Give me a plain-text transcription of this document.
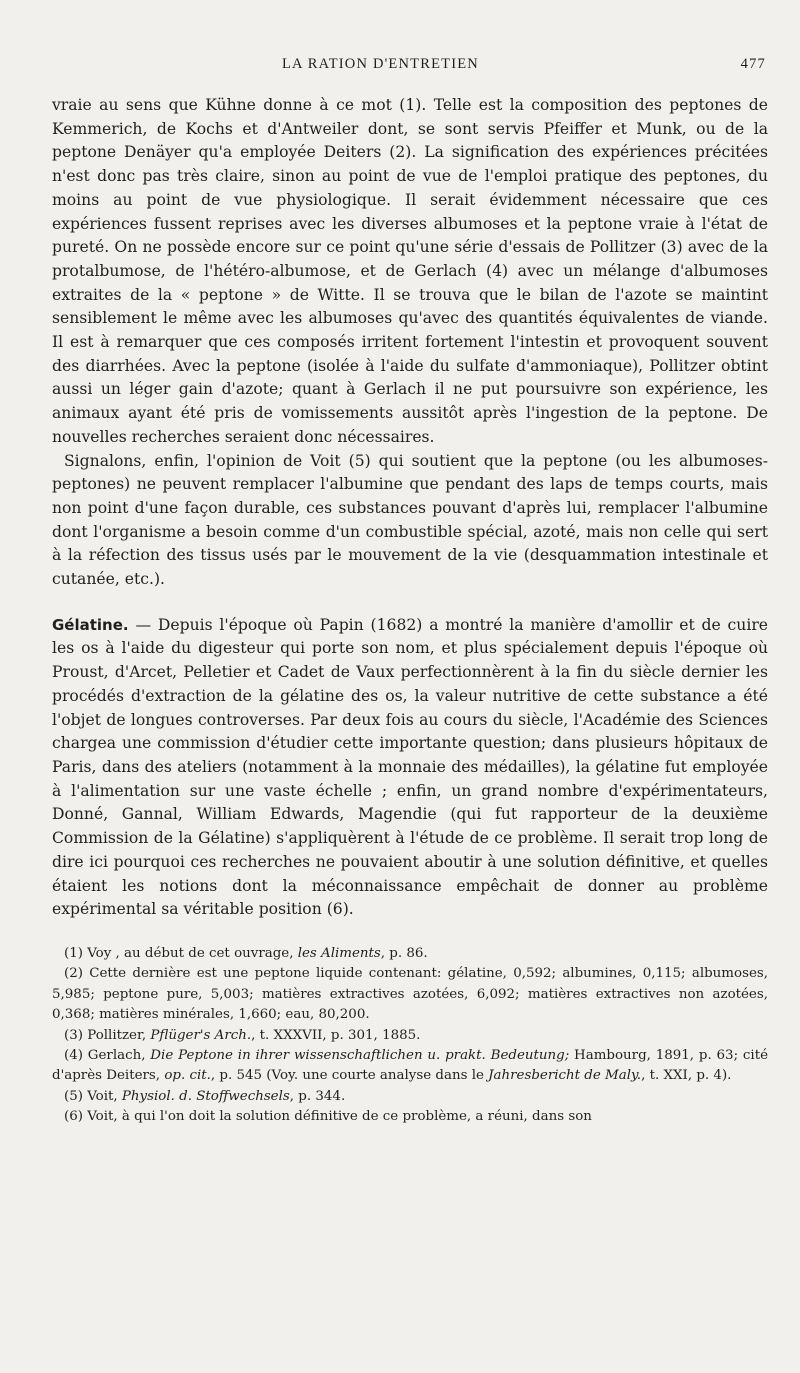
LA RATION D'ENTRETIEN	477

vraie au sens que Kühne donne à ce mot (1). Telle est la composition des peptones de Kemmerich, de Kochs et d'Antweiler dont, se sont servis Pfeiffer et Munk, ou de la peptone Denäyer qu'a employée Deiters (2). La signification des expériences précitées n'est donc pas très claire, sinon au point de vue de l'emploi pratique des peptones, du moins au point de vue physiologique. Il serait évidemment nécessaire que ces expériences fussent reprises avec les diverses albumoses et la peptone vraie à l'état de pureté. On ne possède encore sur ce point qu'une série d'essais de Pollitzer (3) avec de la protalbumose, de l'hétéro-albumose, et de Gerlach (4) avec un mélange d'albumoses extraites de la « peptone » de Witte. Il se trouva que le bilan de l'azote se maintint sensiblement le même avec les albumoses qu'avec des quantités équivalentes de viande. Il est à remarquer que ces composés irritent fortement l'intestin et provoquent souvent des diarrhées. Avec la peptone (isolée à l'aide du sulfate d'ammoniaque), Pollitzer obtint aussi un léger gain d'azote; quant à Gerlach il ne put poursuivre son expérience, les animaux ayant été pris de vomissements aussitôt après l'ingestion de la peptone. De nouvelles recherches seraient donc nécessaires.

Signalons, enfin, l'opinion de Voit (5) qui soutient que la peptone (ou les albumoses-peptones) ne peuvent remplacer l'albumine que pendant des laps de temps courts, mais non point d'une façon durable, ces substances pouvant d'après lui, remplacer l'albumine dont l'organisme a besoin comme d'un combustible spécial, azoté, mais non celle qui sert à la réfection des tissus usés par le mouvement de la vie (desquammation intestinale et cutanée, etc.).

Gélatine. — Depuis l'époque où Papin (1682) a montré la manière d'amollir et de cuire les os à l'aide du digesteur qui porte son nom, et plus spécialement depuis l'époque où Proust, d'Arcet, Pelletier et Cadet de Vaux perfectionnèrent à la fin du siècle dernier les procédés d'extraction de la gélatine des os, la valeur nutritive de cette substance a été l'objet de longues controverses. Par deux fois au cours du siècle, l'Académie des Sciences chargea une commission d'étudier cette importante question; dans plusieurs hôpitaux de Paris, dans des ateliers (notamment à la monnaie des médailles), la gélatine fut employée à l'alimentation sur une vaste échelle ; enfin, un grand nombre d'expérimentateurs, Donné, Gannal, William Edwards, Magendie (qui fut rapporteur de la deuxième Commission de la Gélatine) s'appliquèrent à l'étude de ce problème. Il serait trop long de dire ici pourquoi ces recherches ne pouvaient aboutir à une solution définitive, et quelles étaient les notions dont la méconnaissance empêchait de donner au problème expérimental sa véritable position (6).

(1) Voy , au début de cet ouvrage, les Aliments, p. 86.

(2) Cette dernière est une peptone liquide contenant: gélatine, 0,592; albumines, 0,115; albumoses, 5,985; peptone pure, 5,003; matières extractives azotées, 6,092; matières extractives non azotées, 0,368; matières minérales, 1,660; eau, 80,200.

(3) Pollitzer, Pflüger's Arch., t. XXXVII, p. 301, 1885.

(4) Gerlach, Die Peptone in ihrer wissenschaftlichen u. prakt. Bedeutung; Hambourg, 1891, p. 63; cité d'après Deiters, op. cit., p. 545 (Voy. une courte analyse dans le Jahresbericht de Maly., t. XXI, p. 4).

(5) Voit, Physiol. d. Stoffwechsels, p. 344.

(6) Voit, à qui l'on doit la solution définitive de ce problème, a réuni, dans son
